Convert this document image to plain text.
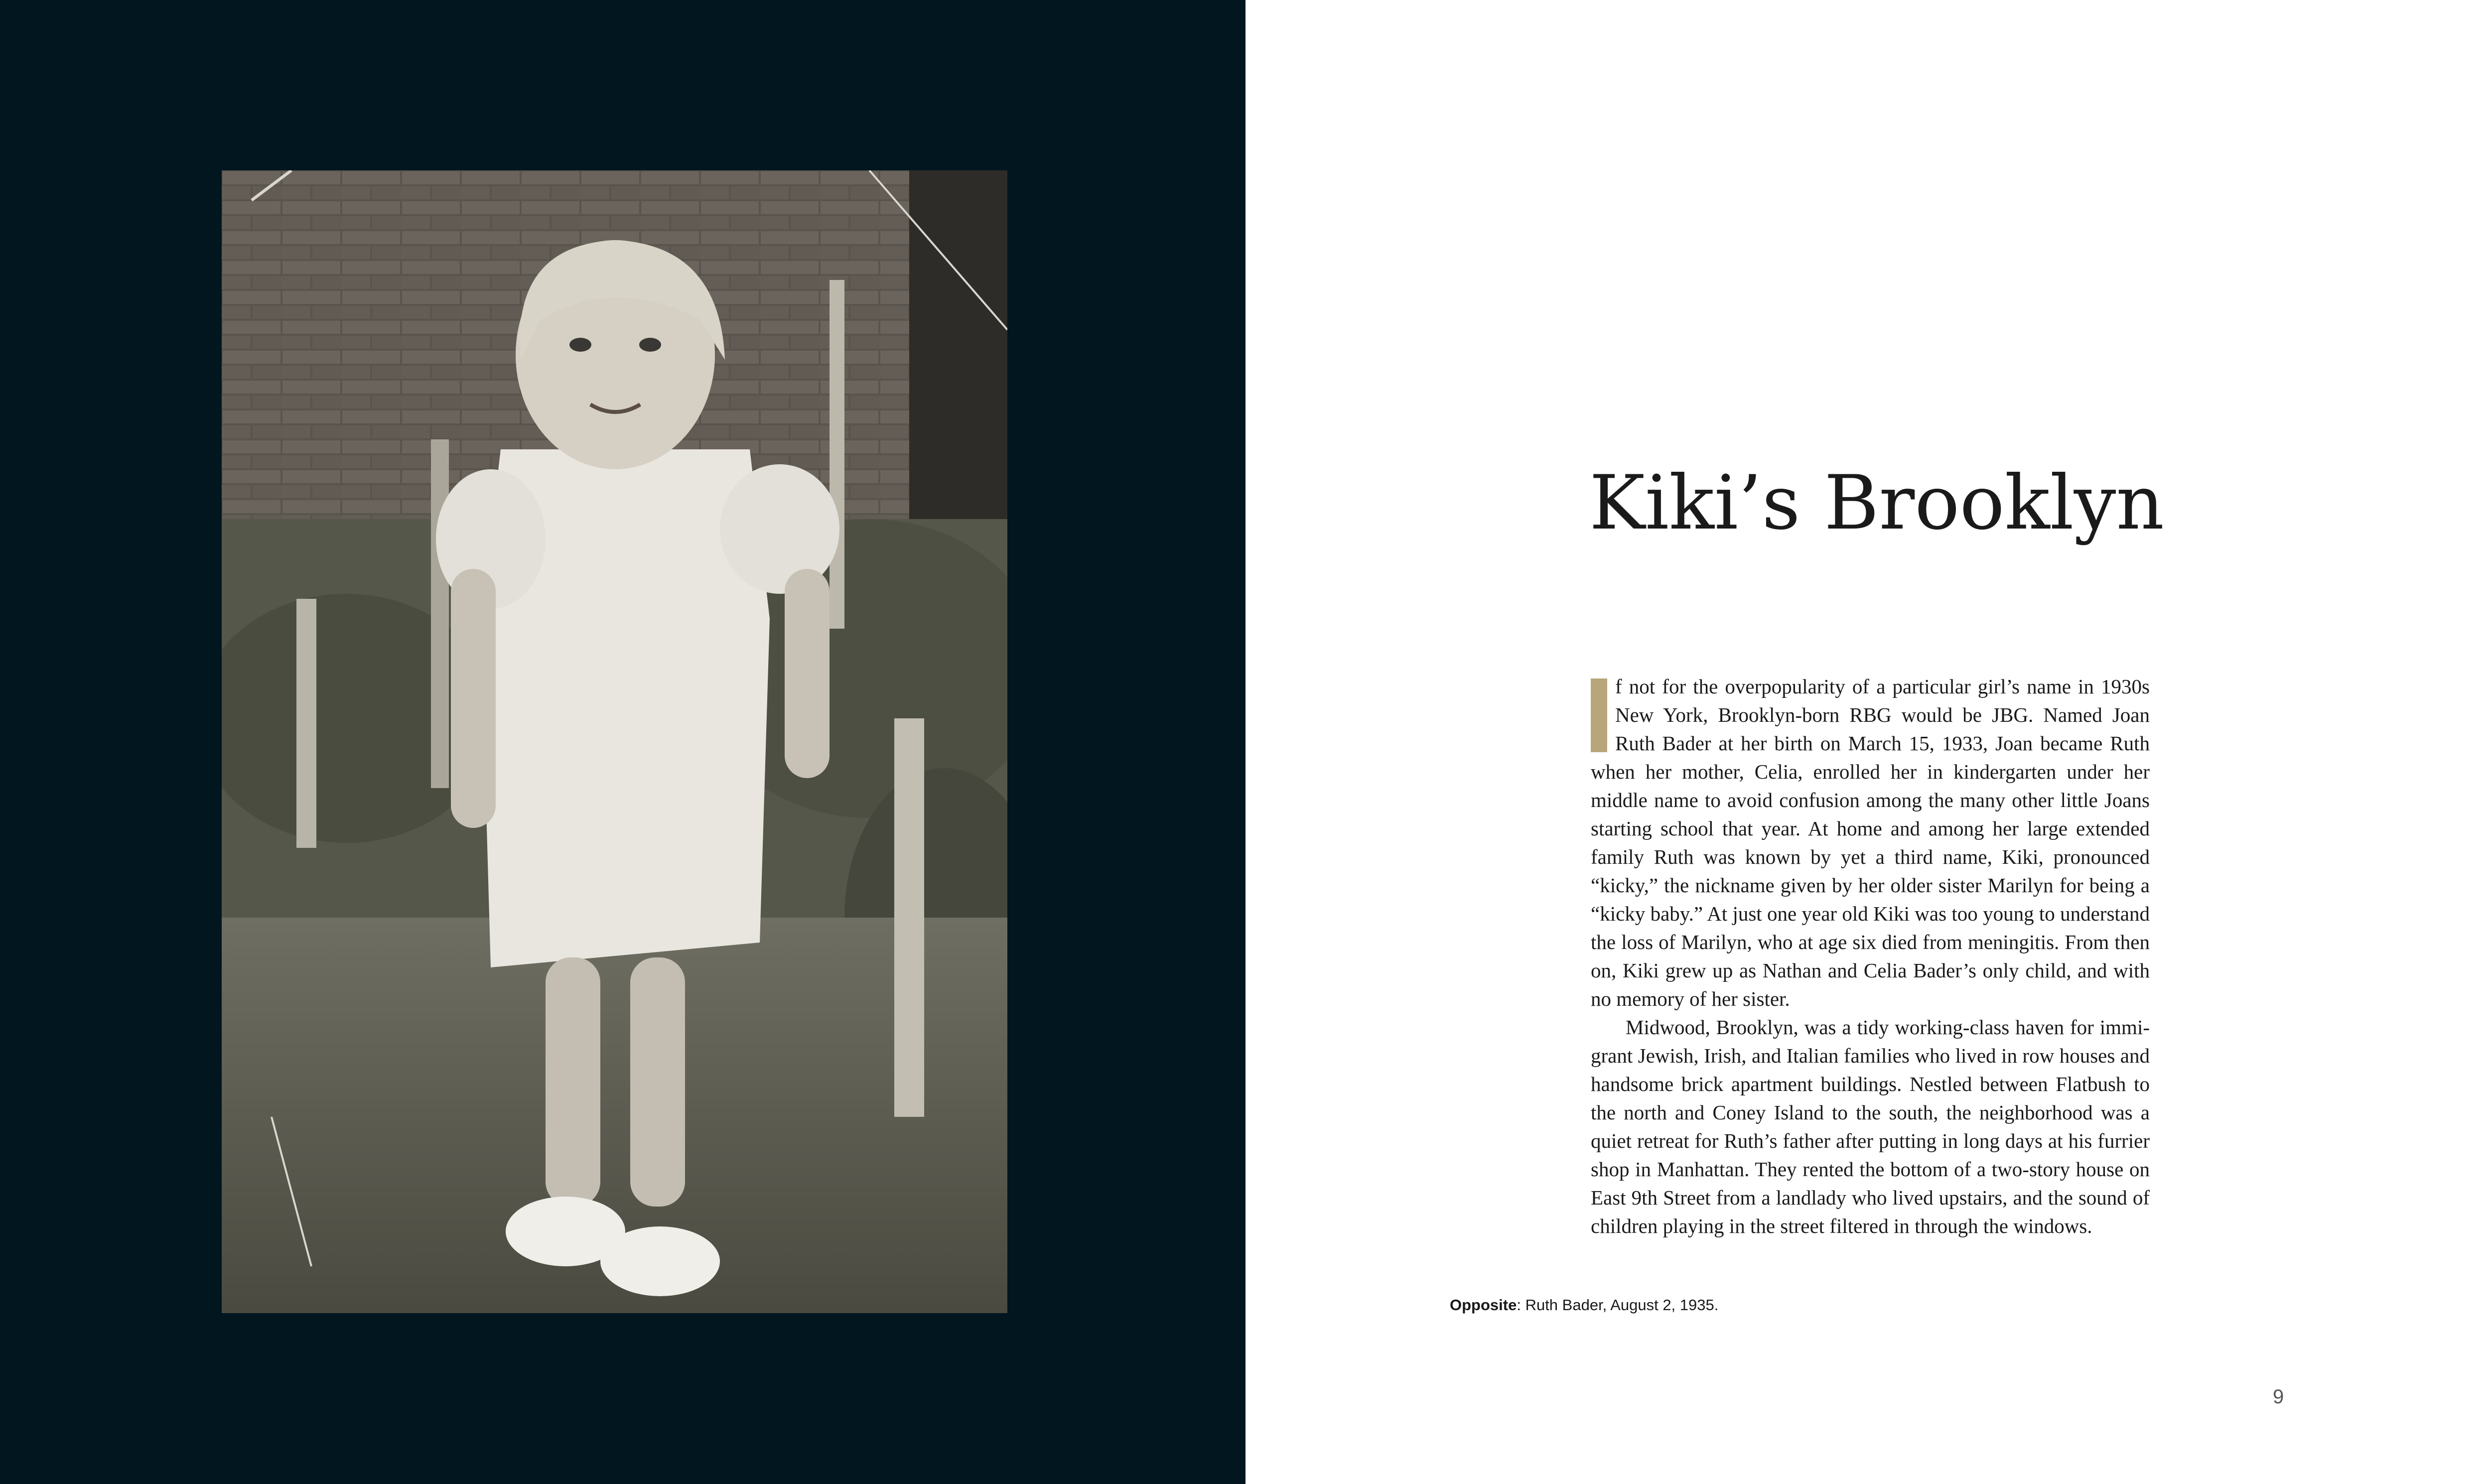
Kiki’s Brooklyn

f not for the overpopularity of a particular girl’s name in 1930s New York, Brooklyn-born RBG would be JBG. Named Joan Ruth Bader at her birth on March 15, 1933, Joan became Ruth when her mother, Celia, enrolled her in kindergarten under her middle name to avoid confusion among the many other little Joans starting school that year. At home and among her large extended family Ruth was known by yet a third name, Kiki, pronounced “kicky,” the nickname given by her older sister Marilyn for being a “kicky baby.” At just one year old Kiki was too young to understand the loss of Marilyn, who at age six died from meningitis. From then on, Kiki grew up as Nathan and Celia Bader’s only child, and with no memory of her sister.

Midwood, Brooklyn, was a tidy working-class haven for immigrant Jewish, Irish, and Italian families who lived in row houses and handsome brick apartment buildings. Nestled between Flatbush to the north and Coney Island to the south, the neighborhood was a quiet retreat for Ruth’s father after putting in long days at his furrier shop in Manhattan. They rented the bottom of a two-story house on East 9th Street from a landlady who lived upstairs, and the sound of children playing in the street filtered in through the windows.

Opposite: Ruth Bader, August 2, 1935.
9
